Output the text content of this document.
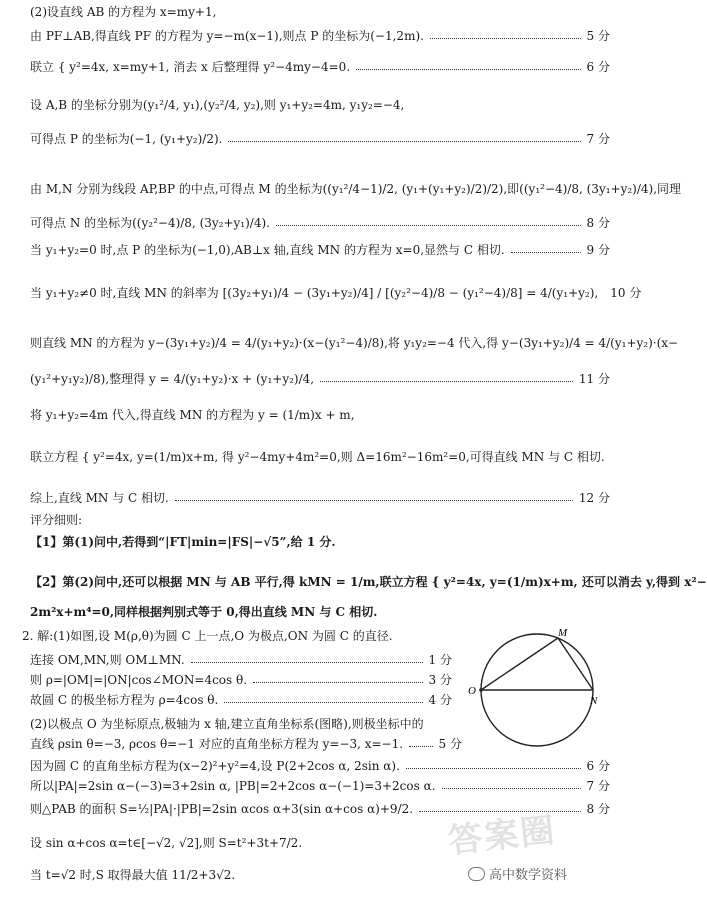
(2)设直线 AB 的方程为 x=my+1,
由 PF⊥AB,得直线 PF 的方程为 y=−m(x−1),则点 P 的坐标为(−1,2m).	5 分
联立 { y²=4x, x=my+1, 消去 x 后整理得 y²−4my−4=0.	6 分
设 A,B 的坐标分别为(y₁²/4, y₁),(y₂²/4, y₂),则 y₁+y₂=4m, y₁y₂=−4,
可得点 P 的坐标为(−1, (y₁+y₂)/2).	7 分
由 M,N 分别为线段 AP,BP 的中点,可得点 M 的坐标为((y₁²/4−1)/2, (y₁+(y₁+y₂)/2)/2),即((y₁²−4)/8, (3y₁+y₂)/4),同理
可得点 N 的坐标为((y₂²−4)/8, (3y₂+y₁)/4).	8 分
当 y₁+y₂=0 时,点 P 的坐标为(−1,0),AB⊥x 轴,直线 MN 的方程为 x=0,显然与 C 相切.	9 分
当 y₁+y₂≠0 时,直线 MN 的斜率为 [(3y₂+y₁)/4 − (3y₁+y₂)/4] / [(y₂²−4)/8 − (y₁²−4)/8] = 4/(y₁+y₂), 10 分
则直线 MN 的方程为 y−(3y₁+y₂)/4 = 4/(y₁+y₂)·(x−(y₁²−4)/8),将 y₁y₂=−4 代入,得 y−(3y₁+y₂)/4 = 4/(y₁+y₂)·(x−
(y₁²+y₁y₂)/8),整理得 y = 4/(y₁+y₂)·x + (y₁+y₂)/4,	11 分
将 y₁+y₂=4m 代入,得直线 MN 的方程为 y = (1/m)x + m,
联立方程 { y²=4x, y=(1/m)x+m, 得 y²−4my+4m²=0,则 Δ=16m²−16m²=0,可得直线 MN 与 C 相切.
综上,直线 MN 与 C 相切.	12 分
评分细则:
【1】第(1)问中,若得到“|FT|min=|FS|−√5”,给 1 分.
【2】第(2)问中,还可以根据 MN 与 AB 平行,得 kMN = 1/m,联立方程 { y²=4x, y=(1/m)x+m, 还可以消去 y,得到 x²−
2m²x+m⁴=0,同样根据判别式等于 0,得出直线 MN 与 C 相切.
2. 解:(1)如图,设 M(ρ,θ)为圆 C 上一点,O 为极点,ON 为圆 C 的直径.
连接 OM,MN,则 OM⊥MN.	1 分
则 ρ=|OM|=|ON|cos∠MON=4cos θ.	3 分
故圆 C 的极坐标方程为 ρ=4cos θ.	4 分
(2)以极点 O 为坐标原点,极轴为 x 轴,建立直角坐标系(图略),则极坐标中的
直线 ρsin θ=−3, ρcos θ=−1 对应的直角坐标方程为 y=−3, x=−1.	5 分
因为圆 C 的直角坐标方程为(x−2)²+y²=4,设 P(2+2cos α, 2sin α).	6 分
所以|PA|=2sin α−(−3)=3+2sin α, |PB|=2+2cos α−(−1)=3+2cos α.	7 分
则△PAB 的面积 S=½|PA|·|PB|=2sin αcos α+3(sin α+cos α)+9/2.	8 分
设 sin α+cos α=t∈[−√2, √2],则 S=t²+3t+7/2.
当 t=√2 时,S 取得最大值 11/2+3√2.
M
O
N
答案圈
高中数学资料
